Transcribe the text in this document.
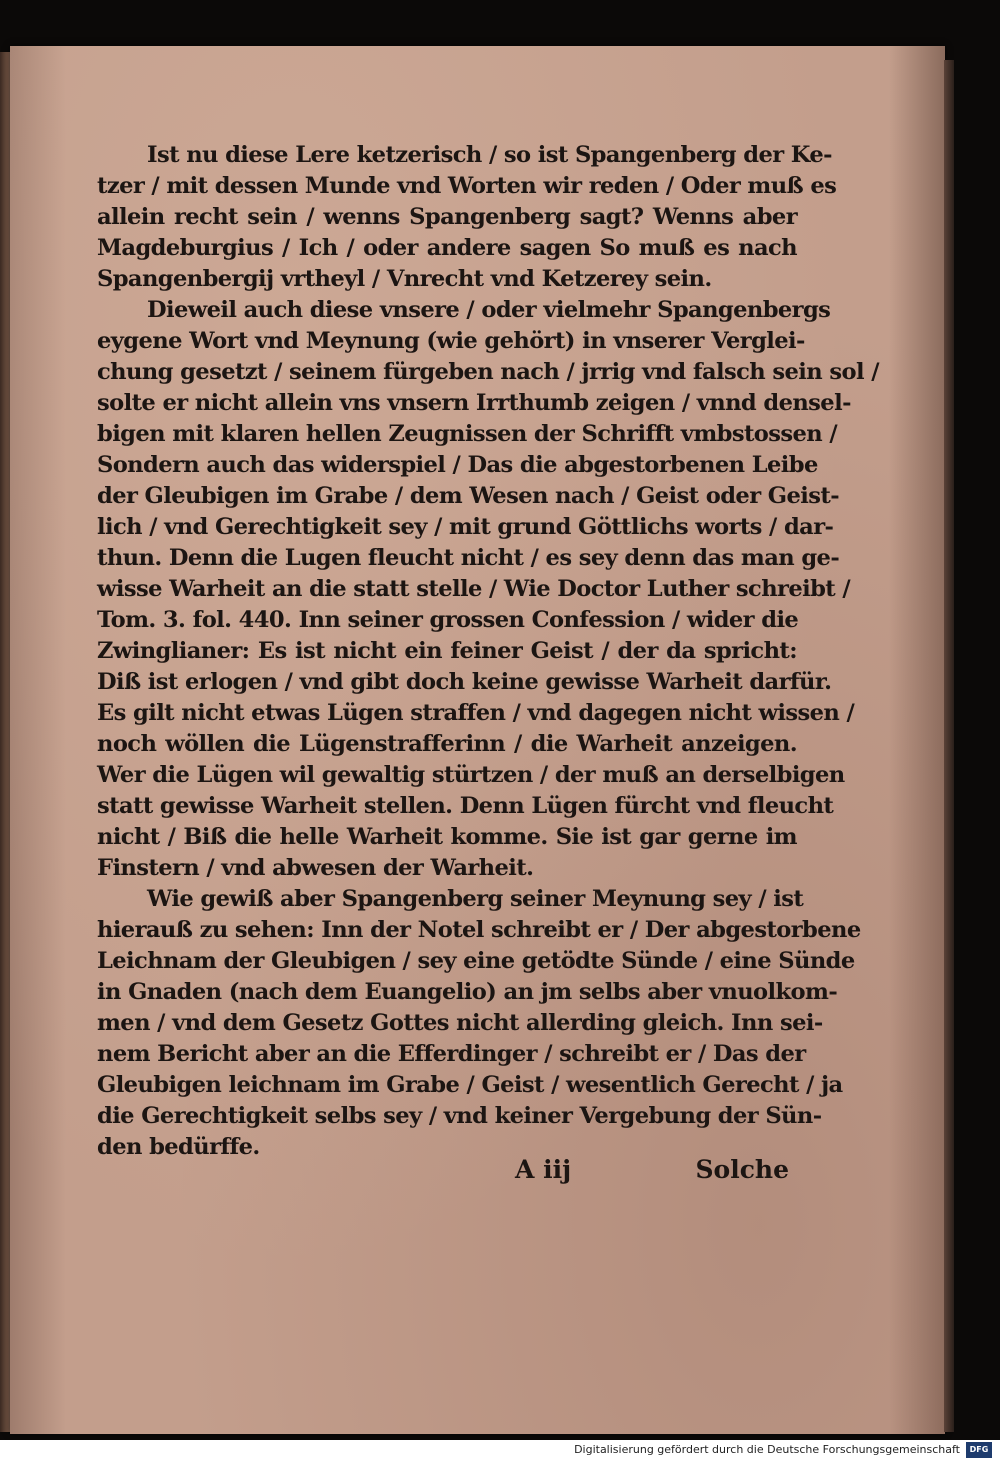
Ist nu diese Lere ketzerisch / so ist Spangenberg der Ke-
tzer / mit dessen Munde vnd Worten wir reden / Oder muß es
allein recht sein / wenns Spangenberg sagt? Wenns aber
Magdeburgius / Ich / oder andere sagen So muß es nach
Spangenbergij vrtheyl / Vnrecht vnd Ketzerey sein.
Dieweil auch diese vnsere / oder vielmehr Spangenbergs
eygene Wort vnd Meynung (wie gehört) in vnserer Verglei-
chung gesetzt / seinem fürgeben nach / jrrig vnd falsch sein sol /
solte er nicht allein vns vnsern Irrthumb zeigen / vnnd densel-
bigen mit klaren hellen Zeugnissen der Schrifft vmbstossen /
Sondern auch das widerspiel / Das die abgestorbenen Leibe
der Gleubigen im Grabe / dem Wesen nach / Geist oder Geist-
lich / vnd Gerechtigkeit sey / mit grund Göttlichs worts / dar-
thun. Denn die Lugen fleucht nicht / es sey denn das man ge-
wisse Warheit an die statt stelle / Wie Doctor Luther schreibt /
Tom. 3. fol. 440. Inn seiner grossen Confession / wider die
Zwinglianer: Es ist nicht ein feiner Geist / der da spricht:
Diß ist erlogen / vnd gibt doch keine gewisse Warheit darfür.
Es gilt nicht etwas Lügen straffen / vnd dagegen nicht wissen /
noch wöllen die Lügenstrafferinn / die Warheit anzeigen.
Wer die Lügen wil gewaltig stürtzen / der muß an derselbigen
statt gewisse Warheit stellen. Denn Lügen fürcht vnd fleucht
nicht / Biß die helle Warheit komme. Sie ist gar gerne im
Finstern / vnd abwesen der Warheit.
Wie gewiß aber Spangenberg seiner Meynung sey / ist
hierauß zu sehen: Inn der Notel schreibt er / Der abgestorbene
Leichnam der Gleubigen / sey eine getödte Sünde / eine Sünde
in Gnaden (nach dem Euangelio) an jm selbs aber vnuolkom-
men / vnd dem Gesetz Gottes nicht allerding gleich. Inn sei-
nem Bericht aber an die Efferdinger / schreibt er / Das der
Gleubigen leichnam im Grabe / Geist / wesentlich Gerecht / ja
die Gerechtigkeit selbs sey / vnd keiner Vergebung der Sün-
den bedürffe.
A iij	Solche
Digitalisierung gefördert durch die Deutsche Forschungsgemeinschaft	DFG
